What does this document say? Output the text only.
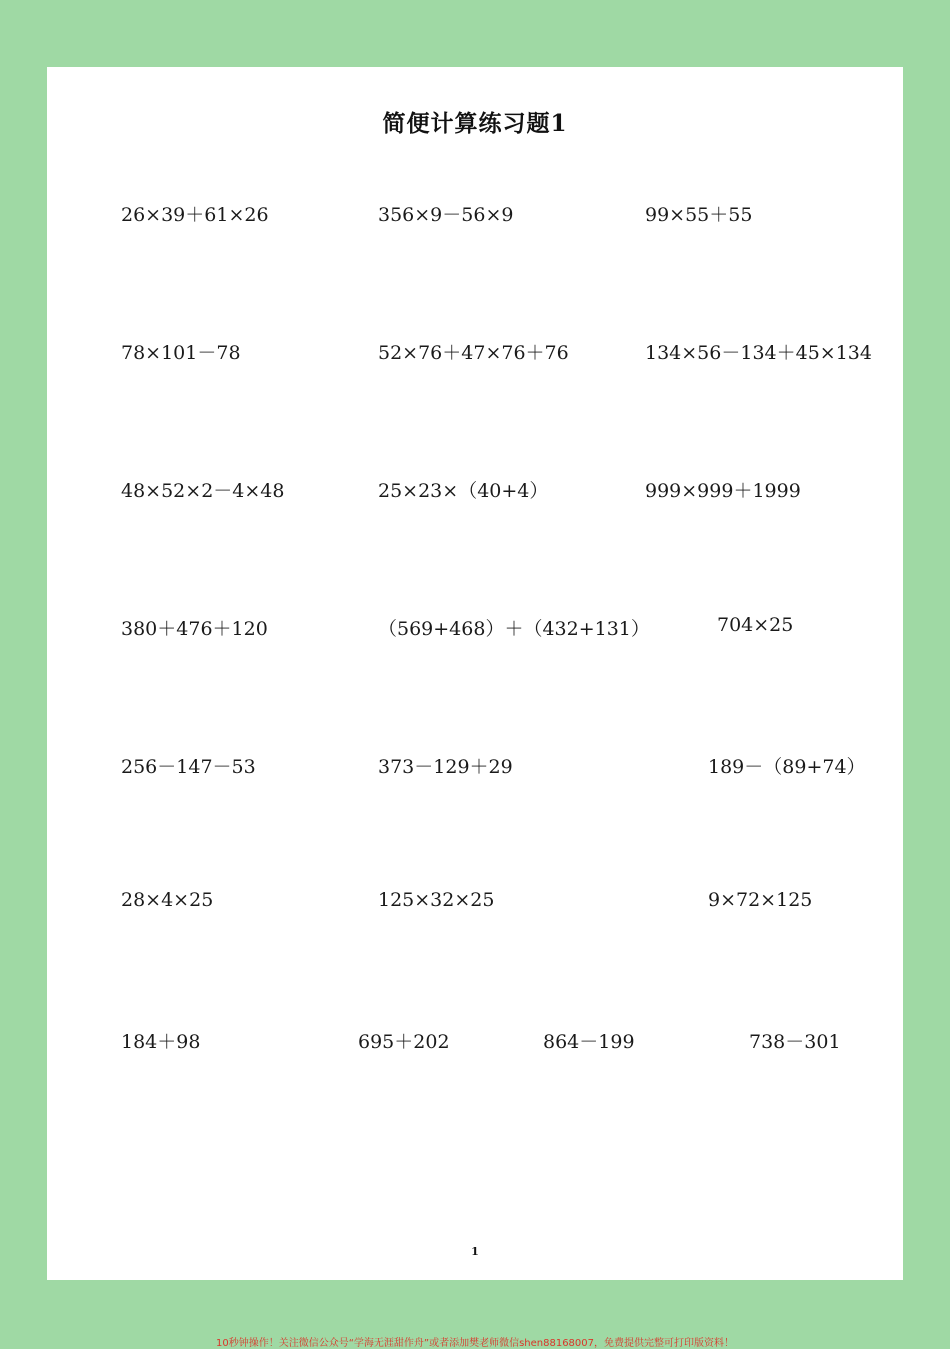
简便计算练习题1
26×39＋61×26	356×9－56×9	99×55＋55
78×101－78	52×76＋47×76＋76	134×56－134＋45×134
48×52×2－4×48	25×23×（40+4）	999×999＋1999
380＋476＋120	（569+468）＋（432+131）	704×25
256－147－53	373－129＋29	189－（89+74）
28×4×25	125×32×25	9×72×125
184＋98	695＋202	864－199	738－301
1
10秒钟操作！关注微信公众号“学海无涯甜作舟”或者添加樊老师微信shen88168007，免费提供完整可打印版资料！
